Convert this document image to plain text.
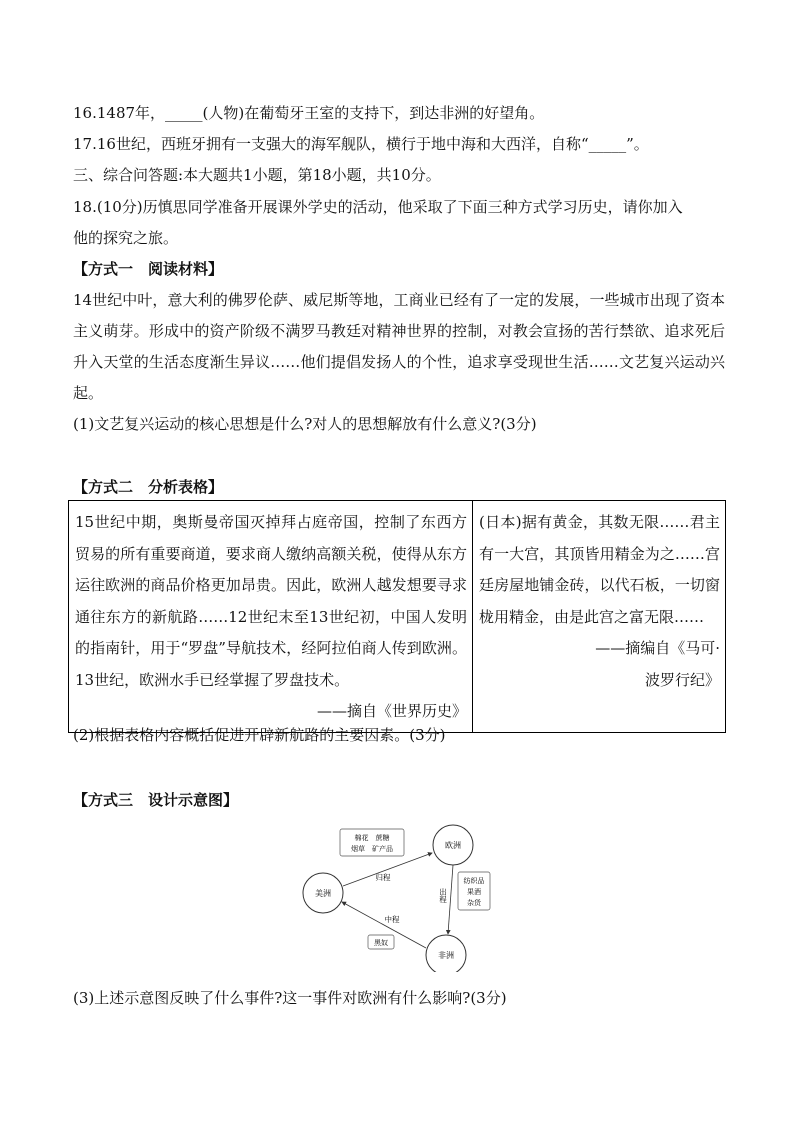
16.1487年，_____(人物)在葡萄牙王室的支持下，到达非洲的好望角。
17.16世纪，西班牙拥有一支强大的海军舰队，横行于地中海和大西洋，自称“_____”。
三、综合问答题:本大题共1小题，第18小题，共10分。
18.(10分)历慎思同学准备开展课外学史的活动，他采取了下面三种方式学习历史，请你加入
他的探究之旅。
【方式一　阅读材料】
14世纪中叶，意大利的佛罗伦萨、威尼斯等地，工商业已经有了一定的发展，一些城市出现了资本主义萌芽。形成中的资产阶级不满罗马教廷对精神世界的控制，对教会宣扬的苦行禁欲、追求死后升入天堂的生活态度渐生异议……他们提倡发扬人的个性，追求享受现世生活……文艺复兴运动兴起。
(1)文艺复兴运动的核心思想是什么?对人的思想解放有什么意义?(3分)
【方式二　分析表格】
15世纪中期，奥斯曼帝国灭掉拜占庭帝国，控制了东西方贸易的所有重要商道，要求商人缴纳高额关税，使得从东方运往欧洲的商品价格更加昂贵。因此，欧洲人越发想要寻求通往东方的新航路……12世纪末至13世纪初，中国人发明的指南针，用于“罗盘”导航技术，经阿拉伯商人传到欧洲。13世纪，欧洲水手已经掌握了罗盘技术。
——摘自《世界历史》

(日本)据有黄金，其数无限……君主有一大宫，其顶皆用精金为之……宫廷房屋地铺金砖，以代石板，一切窗栊用精金，由是此宫之富无限……
——摘编自《马可·
波罗行纪》
(2)根据表格内容概括促进开辟新航路的主要因素。(3分)
【方式三　设计示意图】
欧洲
美洲
非洲
归程
中程
出程
棉花　蔗糖
烟草　矿产品
纺织品
果酒
杂货
黑奴
(3)上述示意图反映了什么事件?这一事件对欧洲有什么影响?(3分)
